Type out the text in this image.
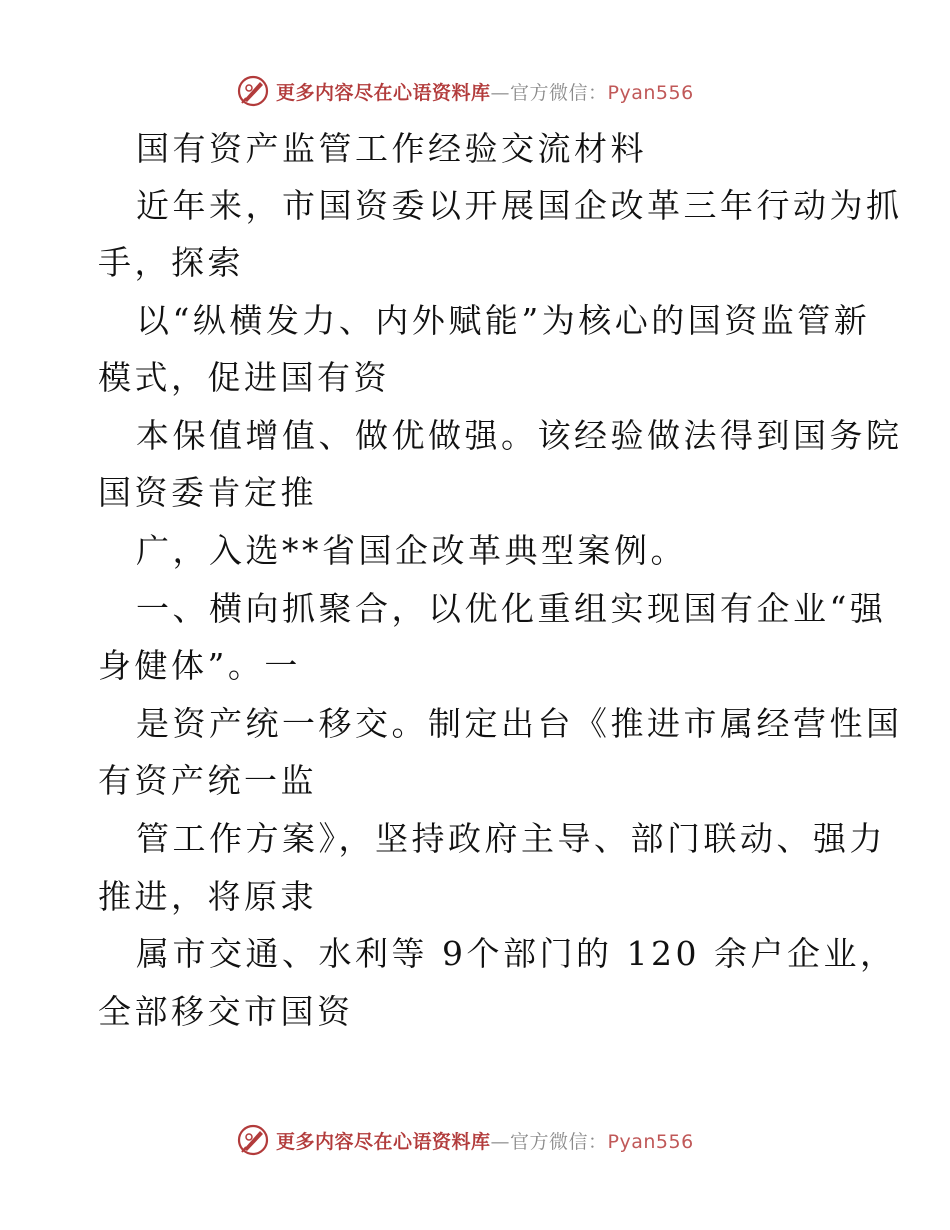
更多内容尽在心语资料库—官方微信：Pyan556
国有资产监管工作经验交流材料
近年来，市国资委以开展国企改革三年行动为抓
手，探索
以“纵横发力、内外赋能”为核心的国资监管新
模式，促进国有资
本保值增值、做优做强。该经验做法得到国务院
国资委肯定推
广，入选**省国企改革典型案例。
一、横向抓聚合，以优化重组实现国有企业“强
身健体”。一
是资产统一移交。制定出台《推进市属经营性国
有资产统一监
管工作方案》，坚持政府主导、部门联动、强力
推进，将原隶
属市交通、水利等 9个部门的 120 余户企业，
全部移交市国资
更多内容尽在心语资料库—官方微信：Pyan556
